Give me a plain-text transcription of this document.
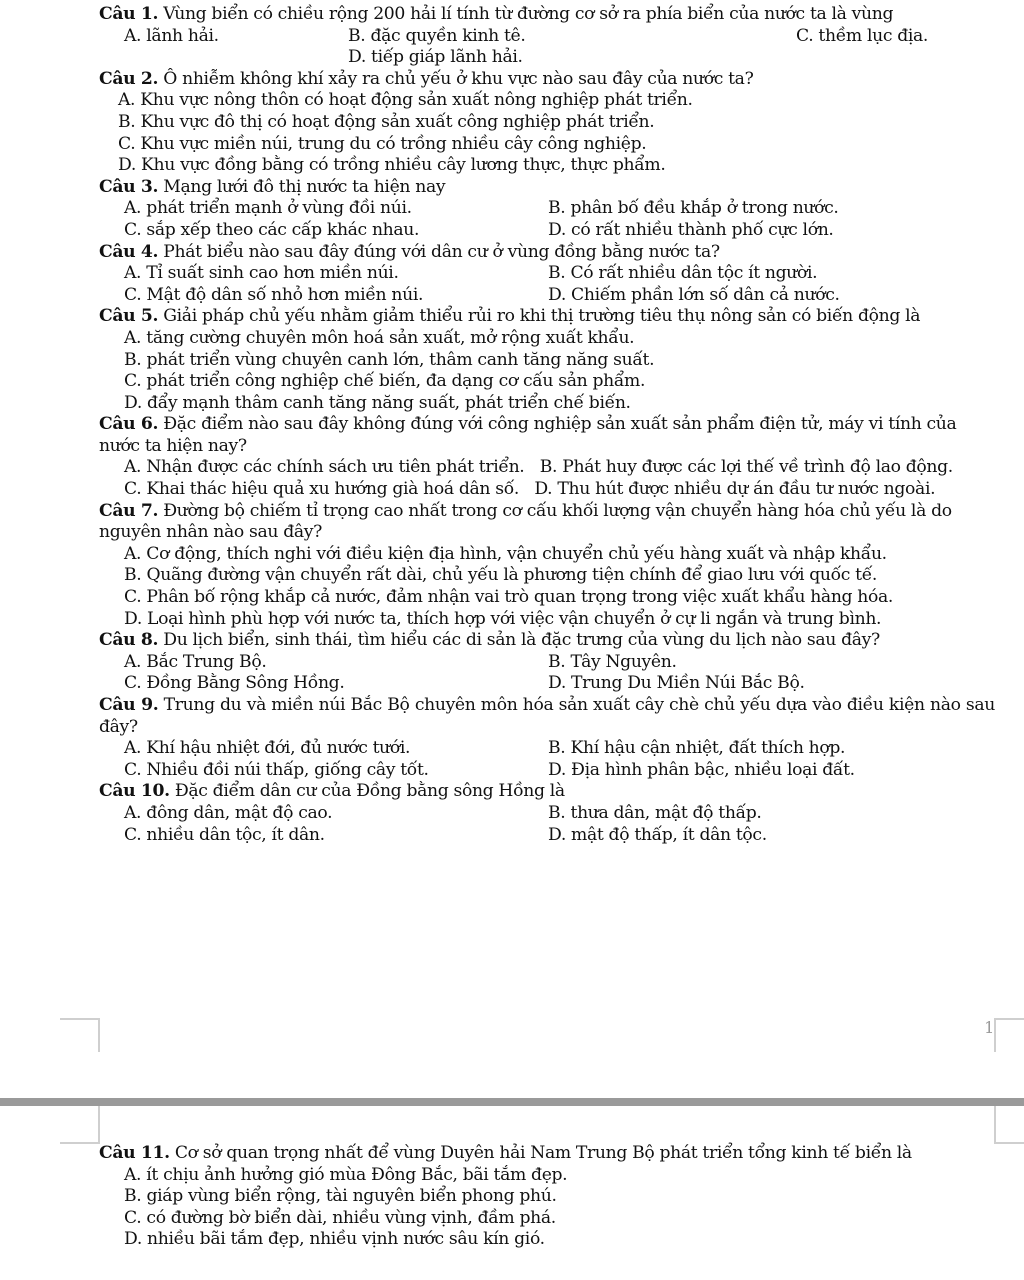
Câu 1. Vùng biển có chiều rộng 200 hải lí tính từ đường cơ sở ra phía biển của nước ta là vùng

A. lãnh hải.	B. đặc quyền kinh tê.	C. thềm lục địa.

D. tiếp giáp lãnh hải.

Câu 2. Ô nhiễm không khí xảy ra chủ yếu ở khu vực nào sau đây của nước ta?

A. Khu vực nông thôn có hoạt động sản xuất nông nghiệp phát triển.

B. Khu vực đô thị có hoạt động sản xuất công nghiệp phát triển.

C. Khu vực miền núi, trung du có trồng nhiều cây công nghiệp.

D. Khu vực đồng bằng có trồng nhiều cây lương thực, thực phẩm.

Câu 3. Mạng lưới đô thị nước ta hiện nay

A. phát triển mạnh ở vùng đồi núi.	B. phân bố đều khắp ở trong nước.
C. sắp xếp theo các cấp khác nhau.	D. có rất nhiều thành phố cực lớn.

Câu 4. Phát biểu nào sau đây đúng với dân cư ở vùng đồng bằng nước ta?

A. Tỉ suất sinh cao hơn miền núi.	B. Có rất nhiều dân tộc ít người.
C. Mật độ dân số nhỏ hơn miền núi.	D. Chiếm phần lớn số dân cả nước.

Câu 5. Giải pháp chủ yếu nhằm giảm thiểu rủi ro khi thị trường tiêu thụ nông sản có biến động là

A. tăng cường chuyên môn hoá sản xuất, mở rộng xuất khẩu.

B. phát triển vùng chuyên canh lớn, thâm canh tăng năng suất.

C. phát triển công nghiệp chế biến, đa dạng cơ cấu sản phẩm.

D. đẩy mạnh thâm canh tăng năng suất, phát triển chế biến.

Câu 6. Đặc điểm nào sau đây không đúng với công nghiệp sản xuất sản phẩm điện tử, máy vi tính của nước ta hiện nay?

A. Nhận được các chính sách ưu tiên phát triển. B. Phát huy được các lợi thế về trình độ lao động.

C. Khai thác hiệu quả xu hướng già hoá dân số. D. Thu hút được nhiều dự án đầu tư nước ngoài.

Câu 7. Đường bộ chiếm tỉ trọng cao nhất trong cơ cấu khối lượng vận chuyển hàng hóa chủ yếu là do nguyên nhân nào sau đây?

A. Cơ động, thích nghi với điều kiện địa hình, vận chuyển chủ yếu hàng xuất và nhập khẩu.

B. Quãng đường vận chuyển rất dài, chủ yếu là phương tiện chính để giao lưu với quốc tế.

C. Phân bố rộng khắp cả nước, đảm nhận vai trò quan trọng trong việc xuất khẩu hàng hóa.

D. Loại hình phù hợp với nước ta, thích hợp với việc vận chuyển ở cự li ngắn và trung bình.

Câu 8. Du lịch biển, sinh thái, tìm hiểu các di sản là đặc trưng của vùng du lịch nào sau đây?

A. Bắc Trung Bộ.	B. Tây Nguyên.
C. Đồng Bằng Sông Hồng.	D. Trung Du Miền Núi Bắc Bộ.

Câu 9. Trung du và miền núi Bắc Bộ chuyên môn hóa sản xuất cây chè chủ yếu dựa vào điều kiện nào sau đây?

A. Khí hậu nhiệt đới, đủ nước tưới.	B. Khí hậu cận nhiệt, đất thích hợp.
C. Nhiều đồi núi thấp, giống cây tốt.	D. Địa hình phân bậc, nhiều loại đất.

Câu 10. Đặc điểm dân cư của Đồng bằng sông Hồng là

A. đông dân, mật độ cao.	B. thưa dân, mật độ thấp.
C. nhiều dân tộc, ít dân.	D. mật độ thấp, ít dân tộc.
1

Câu 11. Cơ sở quan trọng nhất để vùng Duyên hải Nam Trung Bộ phát triển tổng kinh tế biển là

A. ít chịu ảnh hưởng gió mùa Đông Bắc, bãi tắm đẹp.

B. giáp vùng biển rộng, tài nguyên biển phong phú.

C. có đường bờ biển dài, nhiều vùng vịnh, đầm phá.

D. nhiều bãi tắm đẹp, nhiều vịnh nước sâu kín gió.
